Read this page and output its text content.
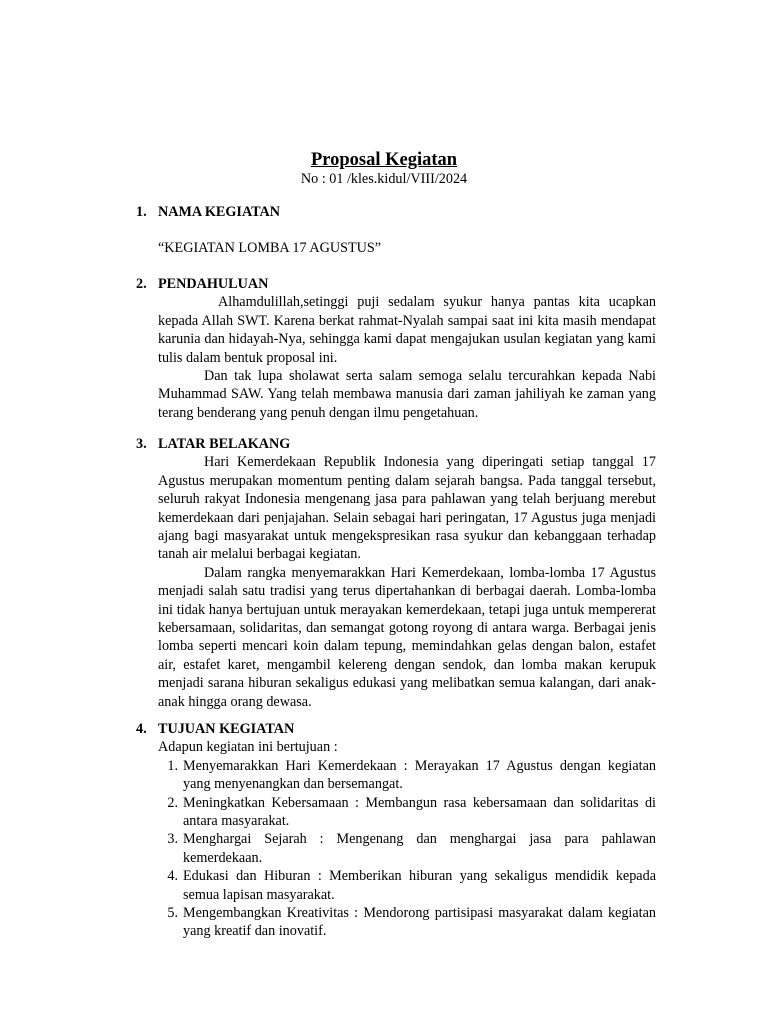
Proposal Kegiatan
No : 01 /kles.kidul/VIII/2024
1. NAMA KEGIATAN
“KEGIATAN LOMBA 17 AGUSTUS”
2. PENDAHULUAN
Alhamdulillah,setinggi puji sedalam syukur hanya pantas kita ucapkan kepada Allah SWT. Karena berkat rahmat-Nyalah sampai saat ini kita masih mendapat karunia dan hidayah-Nya, sehingga kami dapat mengajukan usulan kegiatan yang kami tulis dalam bentuk proposal ini.
Dan tak lupa sholawat serta salam semoga selalu tercurahkan kepada Nabi Muhammad SAW. Yang telah membawa manusia dari zaman jahiliyah ke zaman yang terang benderang yang penuh dengan ilmu pengetahuan.
3. LATAR BELAKANG
Hari Kemerdekaan Republik Indonesia yang diperingati setiap tanggal 17 Agustus merupakan momentum penting dalam sejarah bangsa. Pada tanggal tersebut, seluruh rakyat Indonesia mengenang jasa para pahlawan yang telah berjuang merebut kemerdekaan dari penjajahan. Selain sebagai hari peringatan, 17 Agustus juga menjadi ajang bagi masyarakat untuk mengekspresikan rasa syukur dan kebanggaan terhadap tanah air melalui berbagai kegiatan.
Dalam rangka menyemarakkan Hari Kemerdekaan, lomba-lomba 17 Agustus menjadi salah satu tradisi yang terus dipertahankan di berbagai daerah. Lomba-lomba ini tidak hanya bertujuan untuk merayakan kemerdekaan, tetapi juga untuk mempererat kebersamaan, solidaritas, dan semangat gotong royong di antara warga. Berbagai jenis lomba seperti mencari koin dalam tepung, memindahkan gelas dengan balon, estafet air, estafet karet, mengambil kelereng dengan sendok, dan lomba makan kerupuk menjadi sarana hiburan sekaligus edukasi yang melibatkan semua kalangan, dari anak-anak hingga orang dewasa.
4. TUJUAN KEGIATAN
Adapun kegiatan ini bertujuan :
1. Menyemarakkan Hari Kemerdekaan : Merayakan 17 Agustus dengan kegiatan yang menyenangkan dan bersemangat.
2. Meningkatkan Kebersamaan : Membangun rasa kebersamaan dan solidaritas di antara masyarakat.
3. Menghargai Sejarah : Mengenang dan menghargai jasa para pahlawan kemerdekaan.
4. Edukasi dan Hiburan : Memberikan hiburan yang sekaligus mendidik kepada semua lapisan masyarakat.
5. Mengembangkan Kreativitas : Mendorong partisipasi masyarakat dalam kegiatan yang kreatif dan inovatif.
